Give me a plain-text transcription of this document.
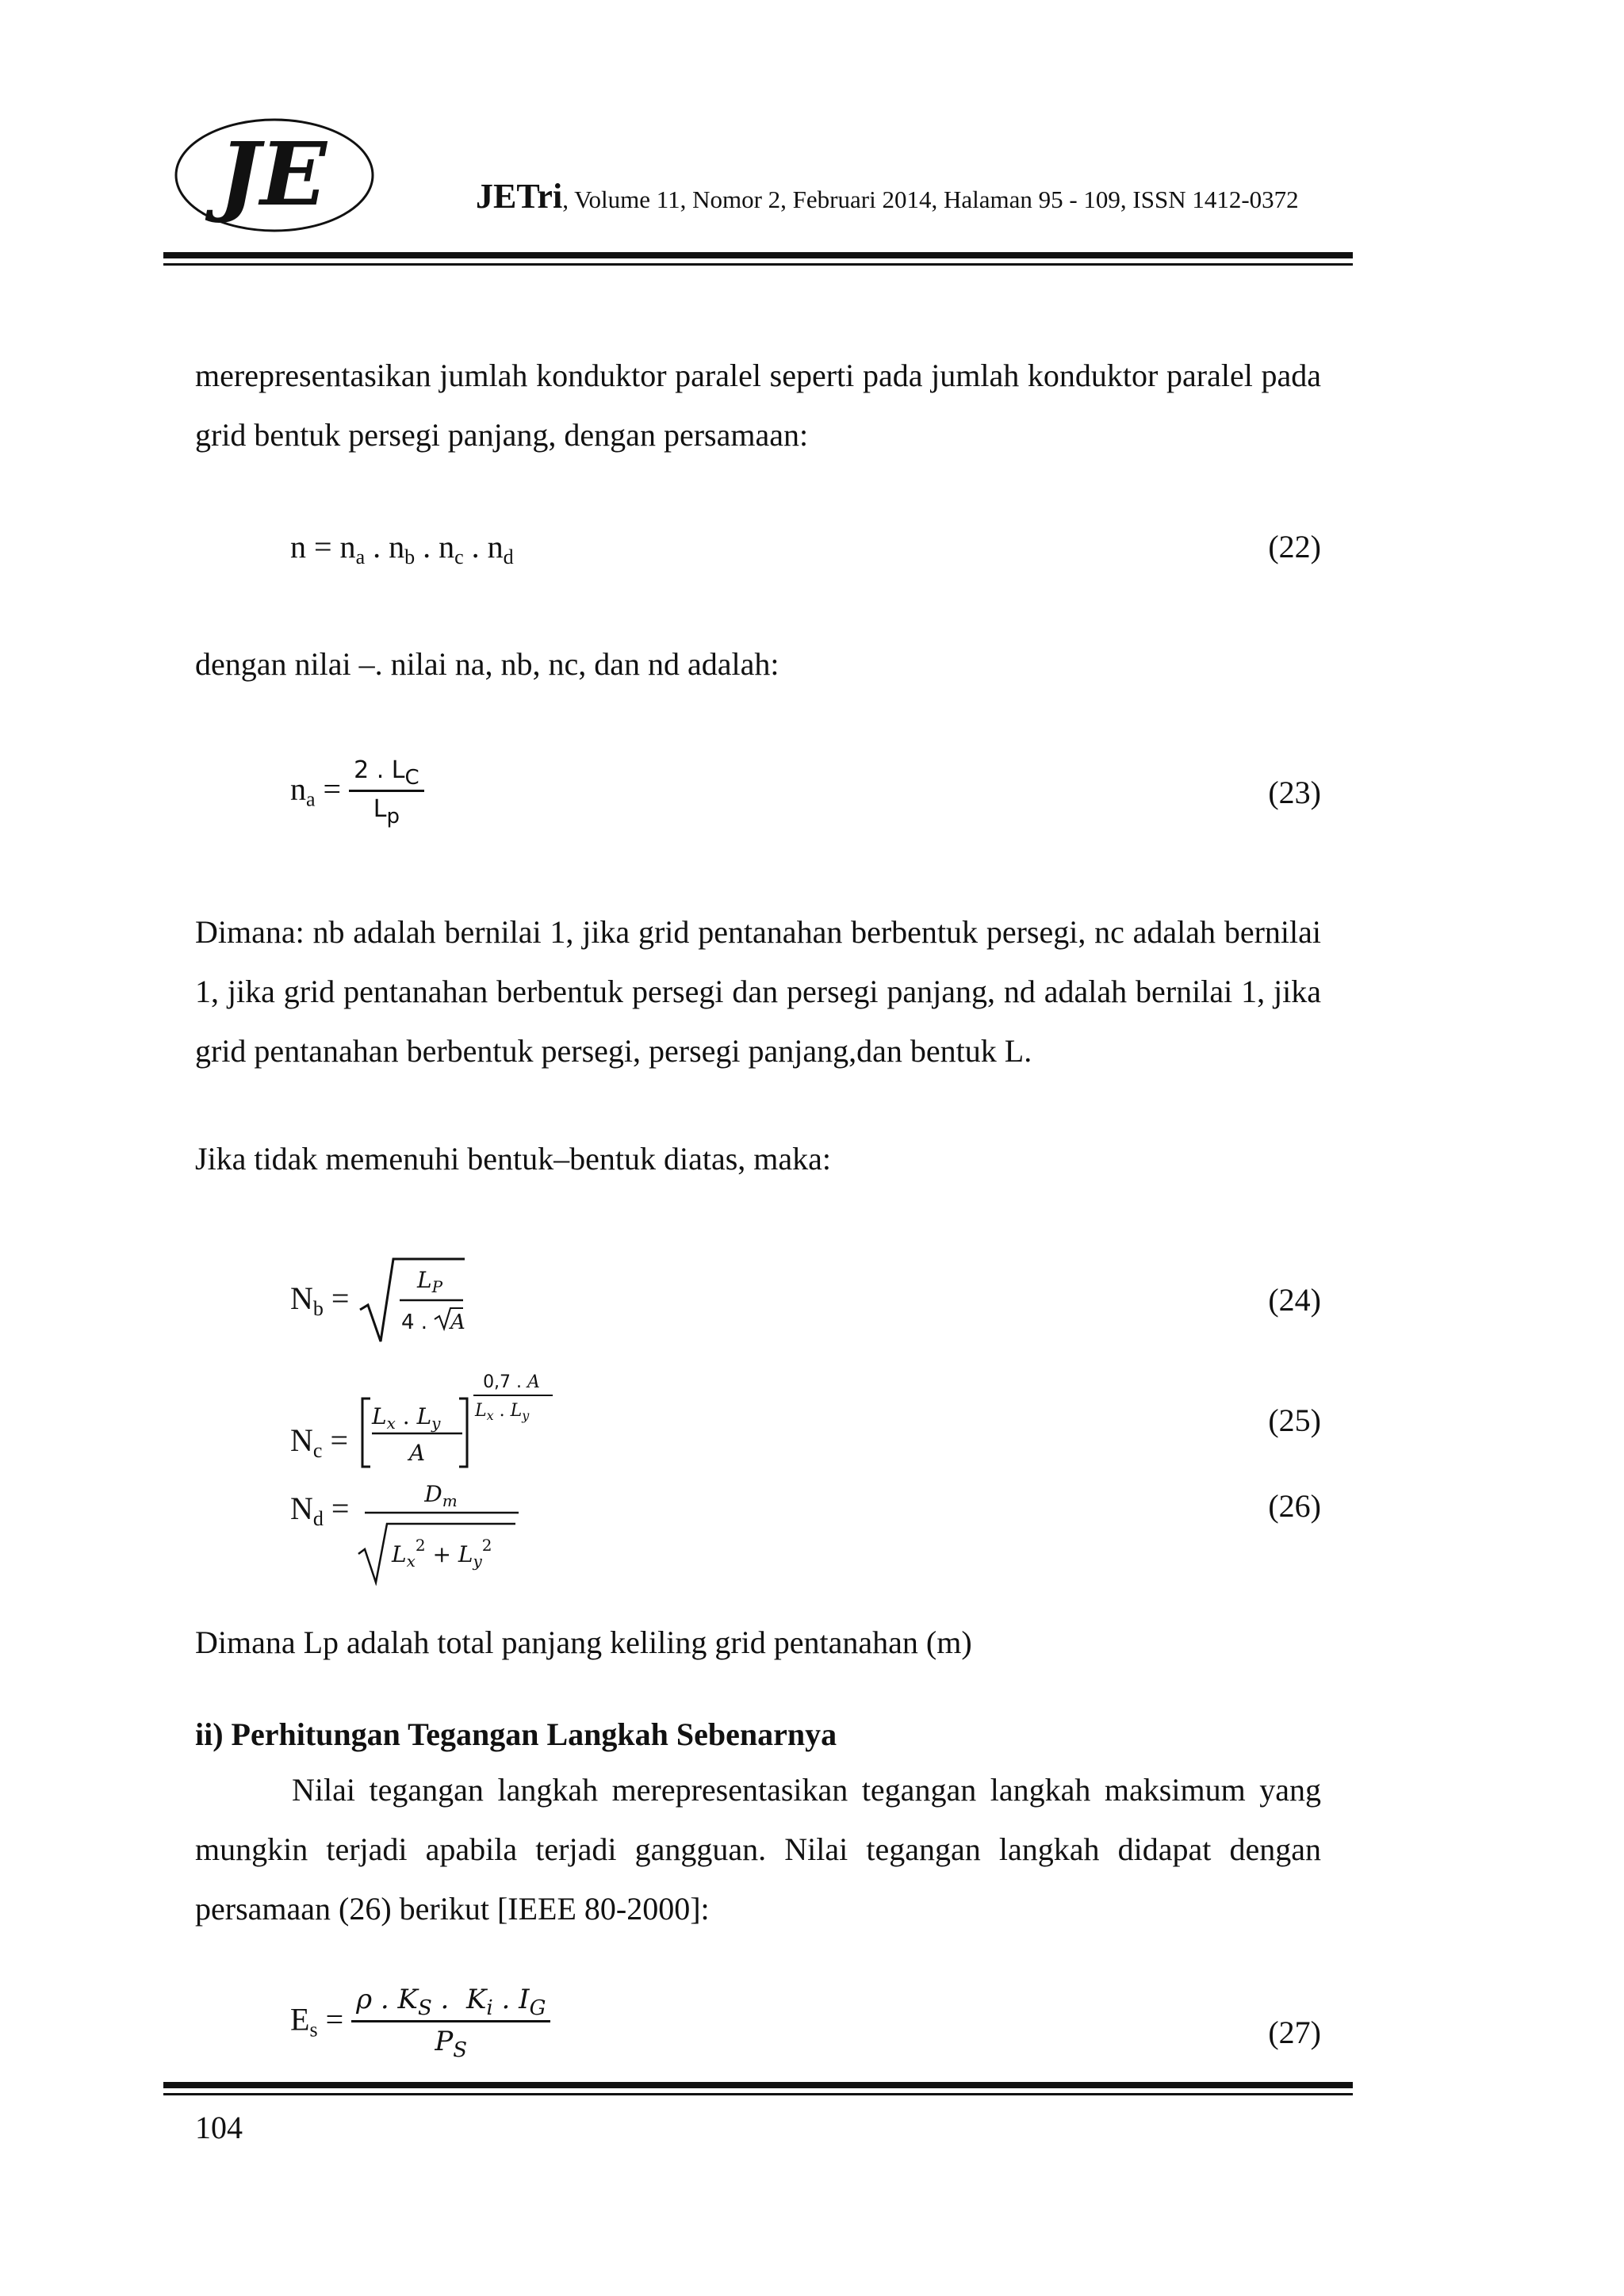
JE	JETri, Volume 11, Nomor 2, Februari 2014, Halaman 95 - 109, ISSN 1412-0372
merepresentasikan jumlah konduktor paralel seperti pada jumlah konduktor paralel pada grid bentuk persegi panjang, dengan persamaan:
$n = n_a$ . $n_b$ . $n_c$ . $n_d$	(22)
dengan nilai –. nilai na, nb, nc, dan nd adalah:
$n_a = \frac{2 . LC}{Lp}$	(23)
Dimana: nb adalah bernilai 1, jika grid pentanahan berbentuk persegi, nc adalah bernilai 1, jika grid pentanahan berbentuk persegi dan persegi panjang, nd adalah bernilai 1, jika grid pentanahan berbentuk persegi, persegi panjang,dan bentuk L.
Jika tidak memenuhi bentuk–bentuk diatas, maka:
$N_b$ =
$L_P$
4 . A
(24)
$N_c$ =
$L_x$ . $L_y$
A
0,7 . A
$L_x$ . $L_y$	(25)
$N_d$ =	$D_m$
$L_x^2 + L_y^2$
(26)
Dimana Lp adalah total panjang keliling grid pentanahan (m)
ii) Perhitungan Tegangan Langkah Sebenarnya
Nilai tegangan langkah merepresentasikan tegangan langkah maksimum yang mungkin terjadi apabila terjadi gangguan. Nilai tegangan langkah didapat dengan persamaan (26) berikut [IEEE 80-2000]:
$E_s = \frac{\rho . K_S . K_i . I_G}{P_S}$	(27)
104
